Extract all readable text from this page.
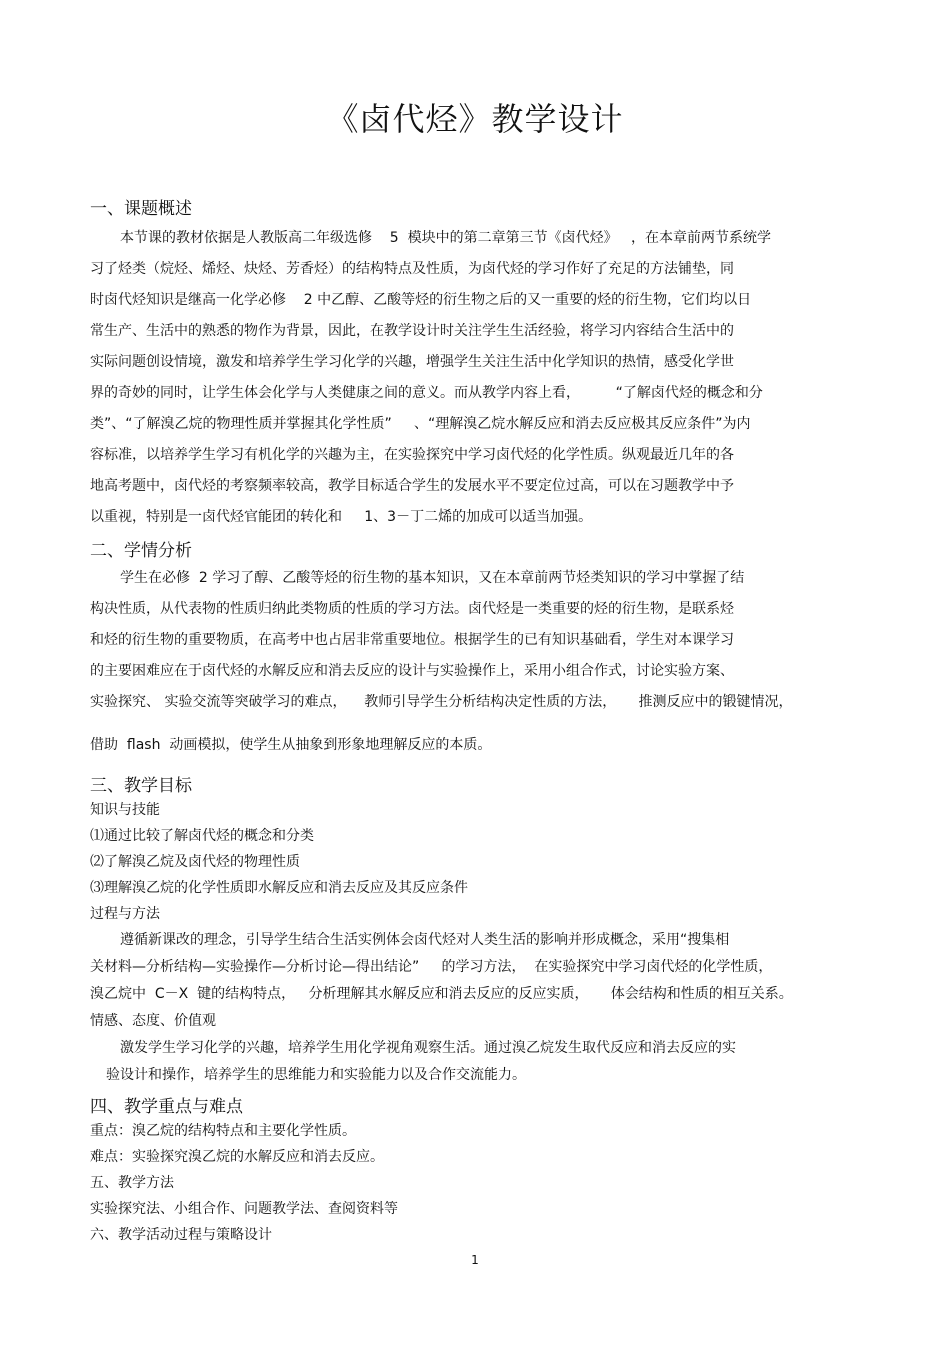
《卤代烃》教学设计
一、课题概述
本节课的教材依据是人教版高二年级选修    5  模块中的第二章第三节《卤代烃》   ，在本章前两节系统学
习了烃类（烷烃、烯烃、炔烃、芳香烃）的结构特点及性质，为卤代烃的学习作好了充足的方法铺垫，同
时卤代烃知识是继高一化学必修    2 中乙醇、乙酸等烃的衍生物之后的又一重要的烃的衍生物，它们均以日
常生产、生活中的熟悉的物作为背景，因此，在教学设计时关注学生生活经验，将学习内容结合生活中的
实际问题创设情境，激发和培养学生学习化学的兴趣，增强学生关注生活中化学知识的热情，感受化学世
界的奇妙的同时，让学生体会化学与人类健康之间的意义。而从教学内容上看，        “了解卤代烃的概念和分
类”、“了解溴乙烷的物理性质并掌握其化学性质”     、“理解溴乙烷水解反应和消去反应极其反应条件”为内
容标准，以培养学生学习有机化学的兴趣为主，在实验探究中学习卤代烃的化学性质。纵观最近几年的各
地高考题中，卤代烃的考察频率较高，教学目标适合学生的发展水平不要定位过高，可以在习题教学中予
以重视，特别是一卤代烃官能团的转化和     1、3－丁二烯的加成可以适当加强。
二、学情分析
学生在必修  2 学习了醇、乙酸等烃的衍生物的基本知识，又在本章前两节烃类知识的学习中掌握了结
构决性质，从代表物的性质归纳此类物质的性质的学习方法。卤代烃是一类重要的烃的衍生物，是联系烃
和烃的衍生物的重要物质，在高考中也占居非常重要地位。根据学生的已有知识基础看，学生对本课学习
的主要困难应在于卤代烃的水解反应和消去反应的设计与实验操作上，采用小组合作式，讨论实验方案、
实验探究、 实验交流等突破学习的难点，    教师引导学生分析结构决定性质的方法，     推测反应中的锻键情况，
借助  flash  动画模拟，使学生从抽象到形象地理解反应的本质。
三、教学目标
知识与技能
⑴通过比较了解卤代烃的概念和分类
⑵了解溴乙烷及卤代烃的物理性质
⑶理解溴乙烷的化学性质即水解反应和消去反应及其反应条件
过程与方法
遵循新课改的理念，引导学生结合生活实例体会卤代烃对人类生活的影响并形成概念，采用“搜集相
关材料—分析结构—实验操作—分析讨论—得出结论”     的学习方法，  在实验探究中学习卤代烃的化学性质，
溴乙烷中  C－X  键的结构特点，   分析理解其水解反应和消去反应的反应实质，     体会结构和性质的相互关系。
情感、态度、价值观
激发学生学习化学的兴趣，培养学生用化学视角观察生活。通过溴乙烷发生取代反应和消去反应的实
验设计和操作，培养学生的思维能力和实验能力以及合作交流能力。
四、教学重点与难点
重点：溴乙烷的结构特点和主要化学性质。
难点：实验探究溴乙烷的水解反应和消去反应。
五、教学方法
实验探究法、小组合作、问题教学法、查阅资料等
六、教学活动过程与策略设计
1
